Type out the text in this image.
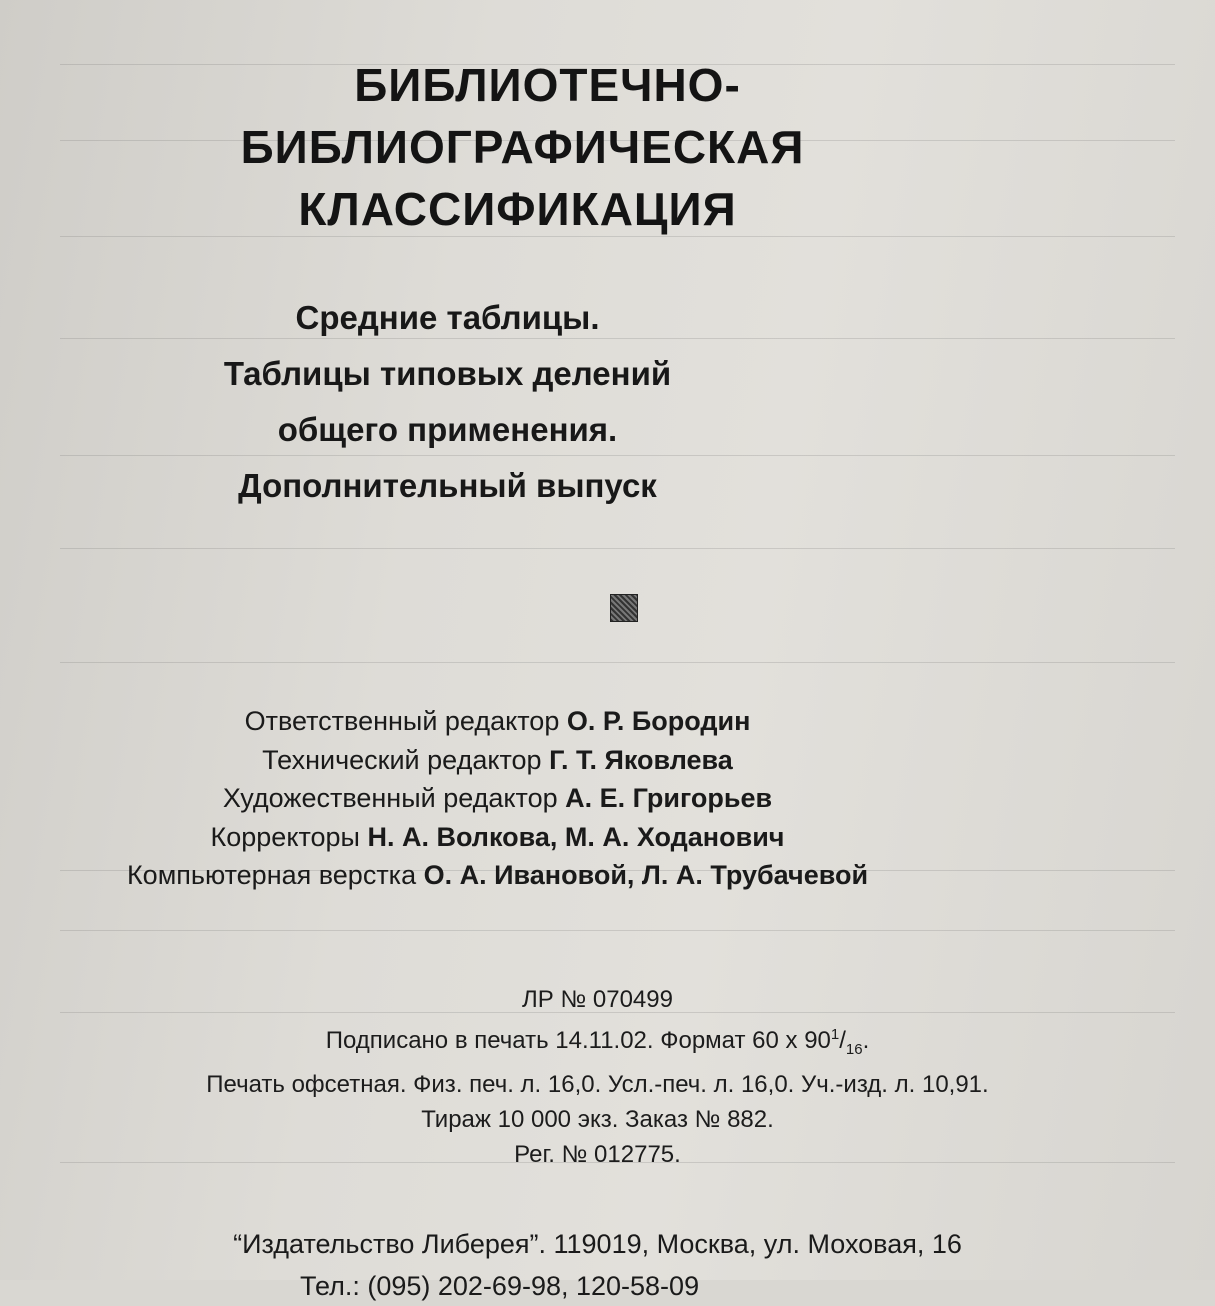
БИБЛИОТЕЧНО-
БИБЛИОГРАФИЧЕСКАЯ
КЛАССИФИКАЦИЯ
Средние таблицы.
Таблицы типовых делений
общего применения.
Дополнительный выпуск
Ответственный редактор О. Р. Бородин
Технический редактор Г. Т. Яковлева
Художественный редактор А. Е. Григорьев
Корректоры Н. А. Волкова, М. А. Ходанович
Компьютерная верстка О. А. Ивановой, Л. А. Трубачевой
ЛР № 070499
Подписано в печать 14.11.02. Формат 60 x $90^1/_{16}$.
Печать офсетная. Физ. печ. л. 16,0. Усл.-печ. л. 16,0. Уч.-изд. л. 10,91.
Тираж 10 000 экз. Заказ № 882.
Рег. № 012775.
“Издательство Либерея”. 119019, Москва, ул. Моховая, 16
Тел.: (095) 202-69-98, 120-58-09
